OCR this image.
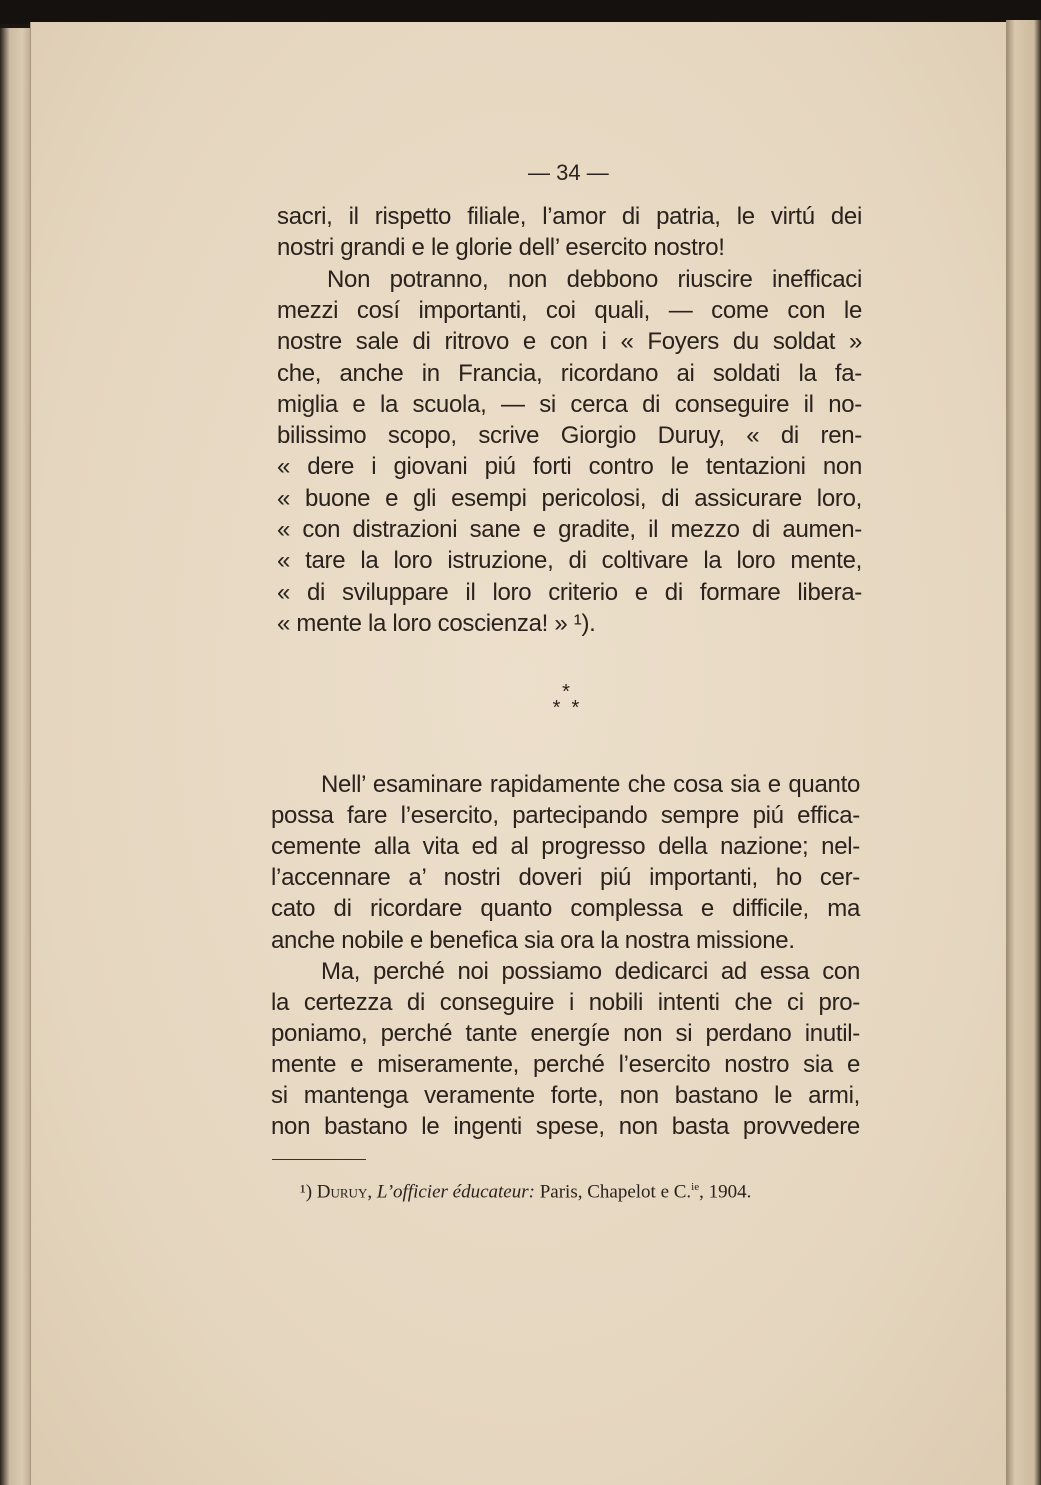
— 34 —
sacri, il rispetto filiale, l’amor di patria, le virtú dei
nostri grandi e le glorie dell’ esercito nostro!
Non potranno, non debbono riuscire inefficaci
mezzi cosí importanti, coi quali, — come con le
nostre sale di ritrovo e con i « Foyers du soldat »
che, anche in Francia, ricordano ai soldati la fa-
miglia e la scuola, — si cerca di conseguire il no-
bilissimo scopo, scrive Giorgio Duruy, « di ren-
« dere i giovani piú forti contro le tentazioni non
« buone e gli esempi pericolosi, di assicurare loro,
« con distrazioni sane e gradite, il mezzo di aumen-
« tare la loro istruzione, di coltivare la loro mente,
« di sviluppare il loro criterio e di formare libera-
« mente la loro coscienza! » ¹).
*
*  *
Nell’ esaminare rapidamente che cosa sia e quanto
possa fare l’esercito, partecipando sempre piú effica-
cemente alla vita ed al progresso della nazione; nel-
l’accennare a’ nostri doveri piú importanti, ho cer-
cato di ricordare quanto complessa e difficile, ma
anche nobile e benefica sia ora la nostra missione.
Ma, perché noi possiamo dedicarci ad essa con
la certezza di conseguire i nobili intenti che ci pro-
poniamo, perché tante energíe non si perdano inutil-
mente e miseramente, perché l’esercito nostro sia e
si mantenga veramente forte, non bastano le armi,
non bastano le ingenti spese, non basta provvedere
¹) Duruy, L’officier éducateur: Paris, Chapelot e C.$^{ie}$, 1904.
